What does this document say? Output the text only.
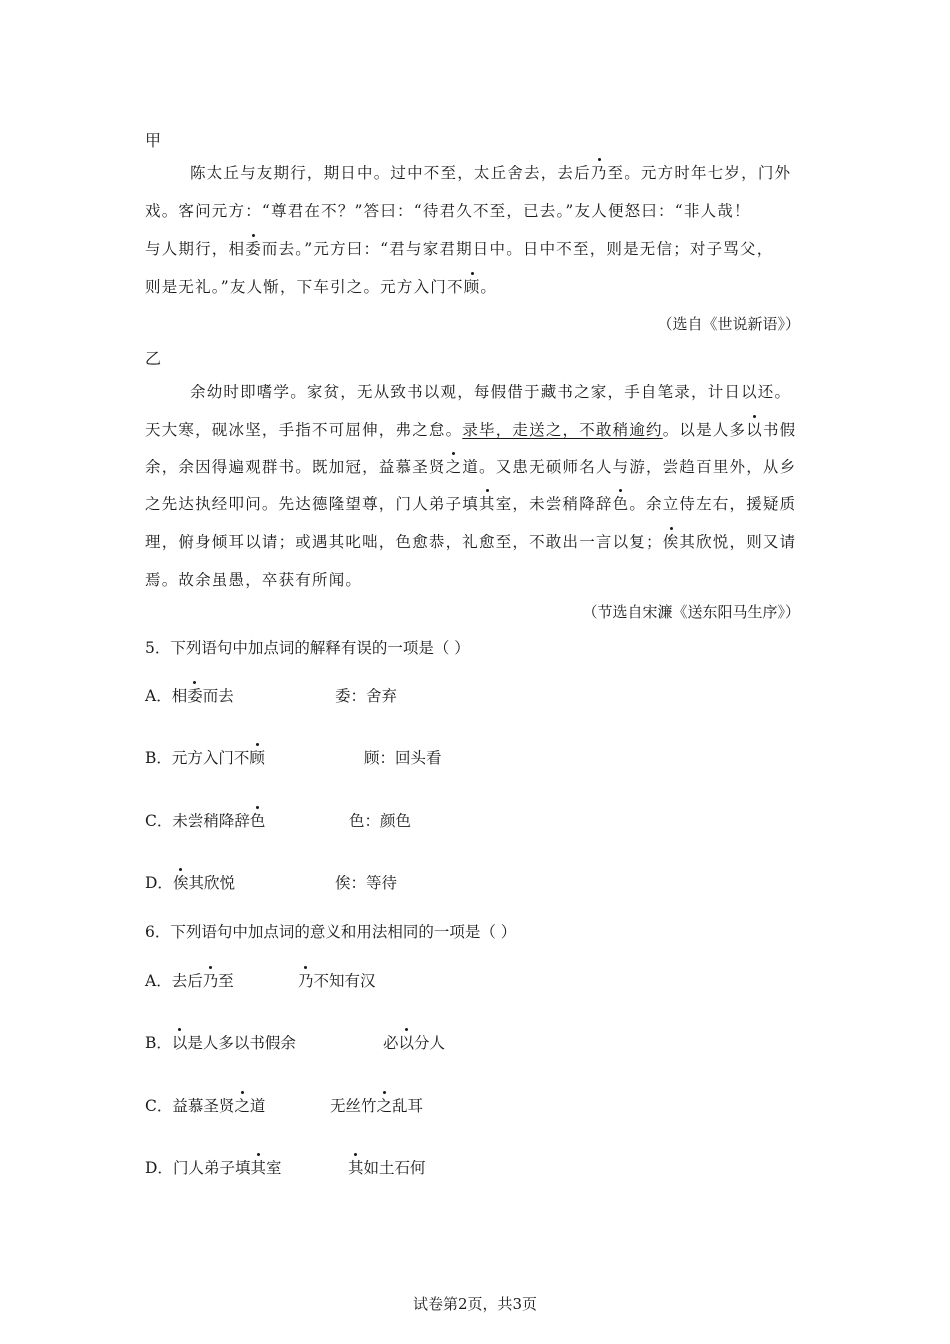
甲
陈太丘与友期行，期日中。过中不至，太丘舍去，去后乃至。元方时年七岁，门外
戏。客问元方：“尊君在不？”答曰：“待君久不至，已去。”友人便怒曰：“非人哉！
与人期行，相委而去。”元方曰：“君与家君期日中。日中不至，则是无信；对子骂父，
则是无礼。”友人惭，下车引之。元方入门不顾。
（选自《世说新语》）
乙
余幼时即嗜学。家贫，无从致书以观，每假借于藏书之家，手自笔录，计日以还。
天大寒，砚冰坚，手指不可屈伸，弗之怠。录毕，走送之，不敢稍逾约。以是人多以书假
余，余因得遍观群书。既加冠，益慕圣贤之道。又患无硕师名人与游，尝趋百里外，从乡
之先达执经叩问。先达德隆望尊，门人弟子填其室，未尝稍降辞色。余立侍左右，援疑质
理，俯身倾耳以请；或遇其叱咄，色愈恭，礼愈至，不敢出一言以复；俟其欣悦，则又请
焉。故余虽愚，卒获有所闻。
（节选自宋濂《送东阳马生序》）
5．下列语句中加点词的解释有误的一项是（ ）
A．相委而去	委：舍弃
B．元方入门不顾	顾：回头看
C．未尝稍降辞色	色：颜色
D．俟其欣悦	俟：等待
6．下列语句中加点词的意义和用法相同的一项是（ ）
A．去后乃至	乃不知有汉
B．以是人多以书假余	必以分人
C．益慕圣贤之道	无丝竹之乱耳
D．门人弟子填其室	其如土石何
试卷第2页，共3页
